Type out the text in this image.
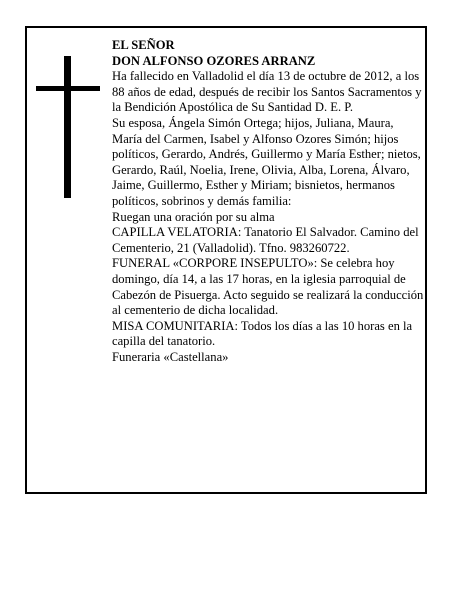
EL SEÑOR

DON ALFONSO OZORES ARRANZ

Ha fallecido en Valladolid el día 13 de octubre de 2012, a los 88 años de edad, después de recibir los Santos Sacramentos y la Bendición Apostólica de Su Santidad D. E. P.

Su esposa, Ángela Simón Ortega; hijos, Juliana, Maura, María del Carmen, Isabel y Alfonso Ozores Simón; hijos políticos, Gerardo, Andrés, Guillermo y María Esther; nietos, Gerardo, Raúl, Noelia, Irene, Olivia, Alba, Lorena, Álvaro, Jaime, Guillermo, Esther y Miriam; bisnietos, hermanos políticos, sobrinos y demás familia:

Ruegan una oración por su alma

CAPILLA VELATORIA: Tanatorio El Salvador. Camino del Cementerio, 21 (Valladolid). Tfno. 983260722.

FUNERAL «CORPORE INSEPULTO»: Se celebra hoy domingo, día 14, a las 17 horas, en la iglesia parroquial de Cabezón de Pisuerga. Acto seguido se realizará la conducción al cementerio de dicha localidad.

MISA COMUNITARIA: Todos los días a las 10 horas en la capilla del tanatorio.

Funeraria «Castellana»
